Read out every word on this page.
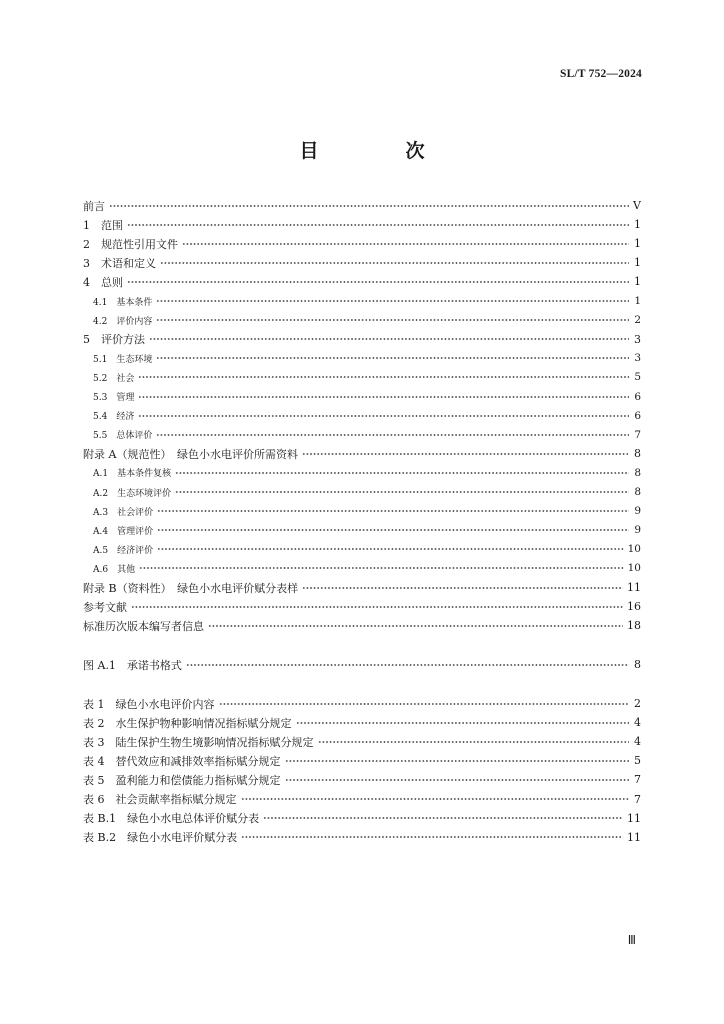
SL/T 752—2024
目　次
前言	Ⅴ
1　范围	1
2　规范性引用文件	1
3　术语和定义	1
4　总则	1
4.1　基本条件	1
4.2　评价内容	2
5　评价方法	3
5.1　生态环境	3
5.2　社会	5
5.3　管理	6
5.4　经济	6
5.5　总体评价	7
附录 A（规范性）　绿色小水电评价所需资料	8
A.1　基本条件复核	8
A.2　生态环境评价	8
A.3　社会评价	9
A.4　管理评价	9
A.5　经济评价	10
A.6　其他	10
附录 B（资料性）　绿色小水电评价赋分表样	11
参考文献	16
标准历次版本编写者信息	18
图 A.1　承诺书格式	8
表 1　绿色小水电评价内容	2
表 2　水生保护物种影响情况指标赋分规定	4
表 3　陆生保护生物生境影响情况指标赋分规定	4
表 4　替代效应和减排效率指标赋分规定	5
表 5　盈利能力和偿债能力指标赋分规定	7
表 6　社会贡献率指标赋分规定	7
表 B.1　绿色小水电总体评价赋分表	11
表 B.2　绿色小水电评价赋分表	11
Ⅲ
